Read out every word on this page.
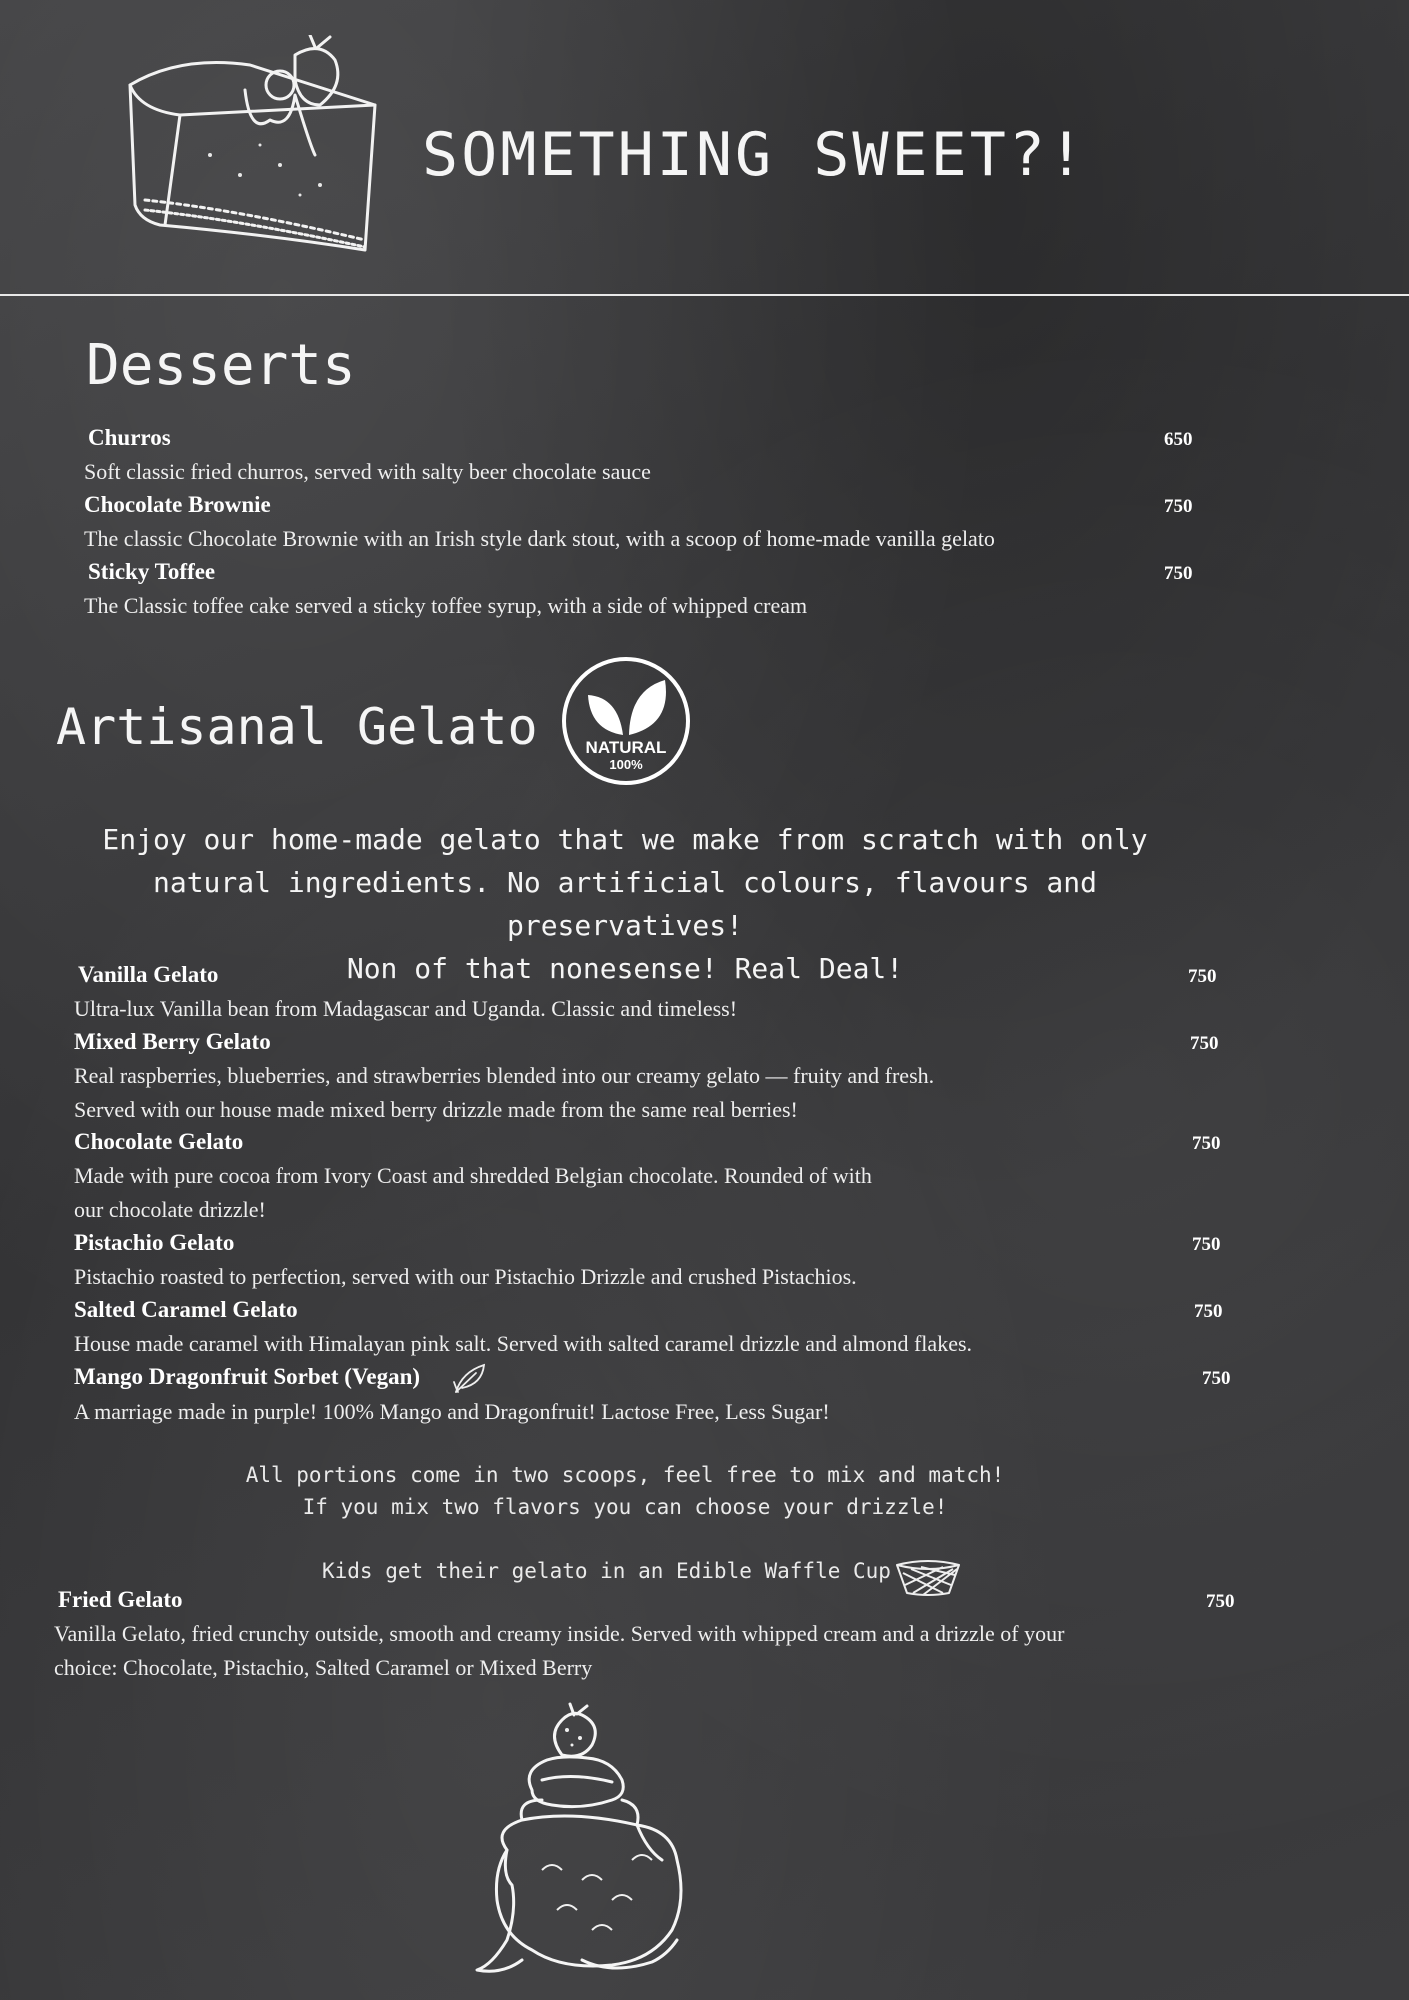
SOMETHING SWEET?!
Desserts
Churros	650
Soft classic fried churros, served with salty beer chocolate sauce
Chocolate Brownie	750
The classic Chocolate Brownie with an Irish style dark stout, with a scoop of home-made vanilla gelato
Sticky Toffee	750
The Classic toffee cake served a sticky toffee syrup, with a side of whipped cream
Artisanal Gelato	NATURAL
100%
Enjoy our home-made gelato that we make from scratch with only
natural ingredients. No artificial colours, flavours and preservatives!
Non of that nonesense! Real Deal!
Vanilla Gelato	750
Ultra-lux Vanilla bean from Madagascar and Uganda. Classic and timeless!
Mixed Berry Gelato	750
Real raspberries, blueberries, and strawberries blended into our creamy gelato — fruity and fresh.
Served with our house made mixed berry drizzle made from the same real berries!
Chocolate Gelato	750
Made with pure cocoa from Ivory Coast and shredded Belgian chocolate. Rounded of with
our chocolate drizzle!
Pistachio Gelato	750
Pistachio roasted to perfection, served with our Pistachio Drizzle and crushed Pistachios.
Salted Caramel Gelato	750
House made caramel with Himalayan pink salt. Served with salted caramel drizzle and almond flakes.
Mango Dragonfruit Sorbet (Vegan)	750
A marriage made in purple! 100% Mango and Dragonfruit! Lactose Free, Less Sugar!
All portions come in two scoops, feel free to mix and match!
If you mix two flavors you can choose your drizzle!
Kids get their gelato in an Edible Waffle Cup
Fried Gelato	750
Vanilla Gelato, fried crunchy outside, smooth and creamy inside. Served with whipped cream and a drizzle of your
choice: Chocolate, Pistachio, Salted Caramel or Mixed Berry
